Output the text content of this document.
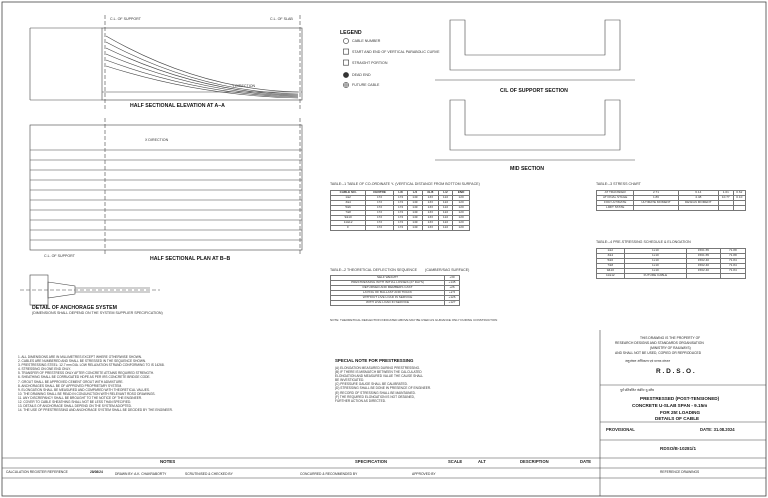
C.L. OF SUPPORT	C.L. OF SLAB
Y DIRECTION
HALF SECTIONAL ELEVATION AT A–A
X DIRECTION
C.L. OF SUPPORT	HALF SECTIONAL PLAN AT B–B
DETAIL OF ANCHORAGE SYSTEM
(DIMENSIONS SHALL DEPEND ON THE SYSTEM SUPPLIER SPECIFICATION)
LEGEND
CABLE NUMBER
START AND END OF VERTICAL PARABOLIC CURVE
STRAIGHT PORTION
DEAD END
FUTURE CABLE
C/L OF SUPPORT SECTION
MID SECTION
TABLE:–1 TABLE OF CO-ORDINATE Y- (VERTICAL DISTANCE FROM BOTTOM SURFACE)
CABLE NO.	CENTRE	L/8	L/4	3L/8	L/2	END
1&2	172	174	149	133	122	120
3&4	172	174	149	133	122	120
5&6	172	174	149	133	122	120
7&8	172	174	149	133	122	120
9&10	172	174	149	133	122	120
11&12	172	174	149	133	122	120
F	172	174	149	133	122	120
TABLE:–2 THEORETICAL DEFLECTION SEQUENCE (CAMBER/SAG SURFACE)
SELF WEIGHT	+30
PRESTRESSING WITH INITIAL LOSSES (27 DAYS)	+145
RETURNED AND MEMBERS CAST	+26
LAYING OF BALLAST AND TRACK	+2.5
WITHOUT LIVE LOAD IN SERVICE	+126
WITH LIVE LOAD IN SERVICE	+127
NOTE: THEORETICAL DEFLECTION INDICATED ABOVE MAY BE USED AS GUIDANCE ONLY DURING CONSTRUCTION
TABLE:–3 STRESS CHART
AT TRANSFER	2.71	6.14	1.01	0.62
AT FINAL STAGE	1.86	4.48	10.77	0.10
FOR ULTIMATE	ULTIMATE MOMENT	DESIGN MOMENT		
LIMIT STATE				
TABLE:–4 PRE-STRESSING SCHEDULE & ELONGATION
1&2	1x10	1561.65	71.88
3&4	1x10	1561.65	71.88
5&6	1x10	1562.40	71.84
7&8	1x10	1562.40	71.84
9&10	1x10	1562.40	71.84
11&12	FUTURE CABLE		
1. ALL DIMENSIONS ARE IN MILLIMETRES EXCEPT WHERE OTHERWISE SHOWN.
2. CABLES ARE NUMBERED AND SHALL BE STRESSED IN THE SEQUENCE SHOWN.
3. PRESTRESSING STEEL: 12.7 mm DIA. LOW RELAXATION STRAND CONFORMING TO IS 14268.
4. STRESSING ON ONE END ONLY.
5. TRANSFER OF PRESTRESS ONLY AFTER CONCRETE ATTAINS REQUIRED STRENGTH.
6. SHEATHING SHALL BE CORRUGATED HDPE AS PER IRS CONCRETE BRIDGE CODE.
7. GROUT SHALL BE APPROVED CEMENT GROUT WITH ADMIXTURE.
8. ANCHORAGES SHALL BE OF APPROVED PROPRIETARY SYSTEM.
9. ELONGATION SHALL BE MEASURED AND COMPARED WITH THEORETICAL VALUES.
10. THE DRAWING SHALL BE READ IN CONJUNCTION WITH RELEVANT RDSO DRAWINGS.
11. ANY DISCREPANCY SHALL BE BROUGHT TO THE NOTICE OF THE ENGINEER.
12. COVER TO CABLE SHEATHING SHALL NOT BE LESS THAN SPECIFIED.
13. DETAILS OF ANCHORAGE SHALL DEPEND ON THE SYSTEM ADOPTED.
14. THE USE OF PRESTRESSING AND ANCHORAGE SYSTEM SHALL BE DECIDED BY THE ENGINEER.
NOTES
SPECIAL NOTE FOR PRESTRESSING
(A) ELONGATION MEASURED DURING PRESTRESSING.
(B) IF THERE IS MISMATCH BETWEEN THE CALCULATED
ELONGATION AND MEASURED VALUE THE CAUSE SHALL
BE INVESTIGATED.
(C) PRESSURE GAUGE SHALL BE CALIBRATED.
(D) STRESSING SHALL BE DONE IN PRESENCE OF ENGINEER.
(E) RECORD OF STRESSING SHALL BE MAINTAINED.
(F) THE REQUIRED ELONGATION IS NOT OBTAINED,
FURTHER ACTION AS DIRECTED.
SPECIFICATION	SCALE	ALT	DESCRIPTION	DATE
CALCULATION REGISTER REFERENCE	28/08/24	DRAWN BY: A.K. CHAKRABORTY	SCRUTINISED & CHECKED BY	CONCURRED & RECOMMENDED BY	APPROVED BY	REFERENCE DRAWINGS
THIS DRAWING IS THE PROPERTY OF
RESEARCH DESIGNS AND STANDARDS ORGANISATION
(MINISTRY OF RAILWAYS)
AND SHALL NOT BE USED, COPIED OR REPRODUCED
अनुसंधान अभिकल्प एवं मानक संगठन
R . D . S . O .
पूर्व प्रतिबलित कंक्रीट यू-स्लैब
PRESTRESSED (POST-TENSIONED)
CONCRETE U-SLAB SPAN - 9.15m
FOR 25t LOADING
DETAILS OF CABLE
PROVISIONAL	DATE: 31.08.2024
RDSO/B-10281/1
